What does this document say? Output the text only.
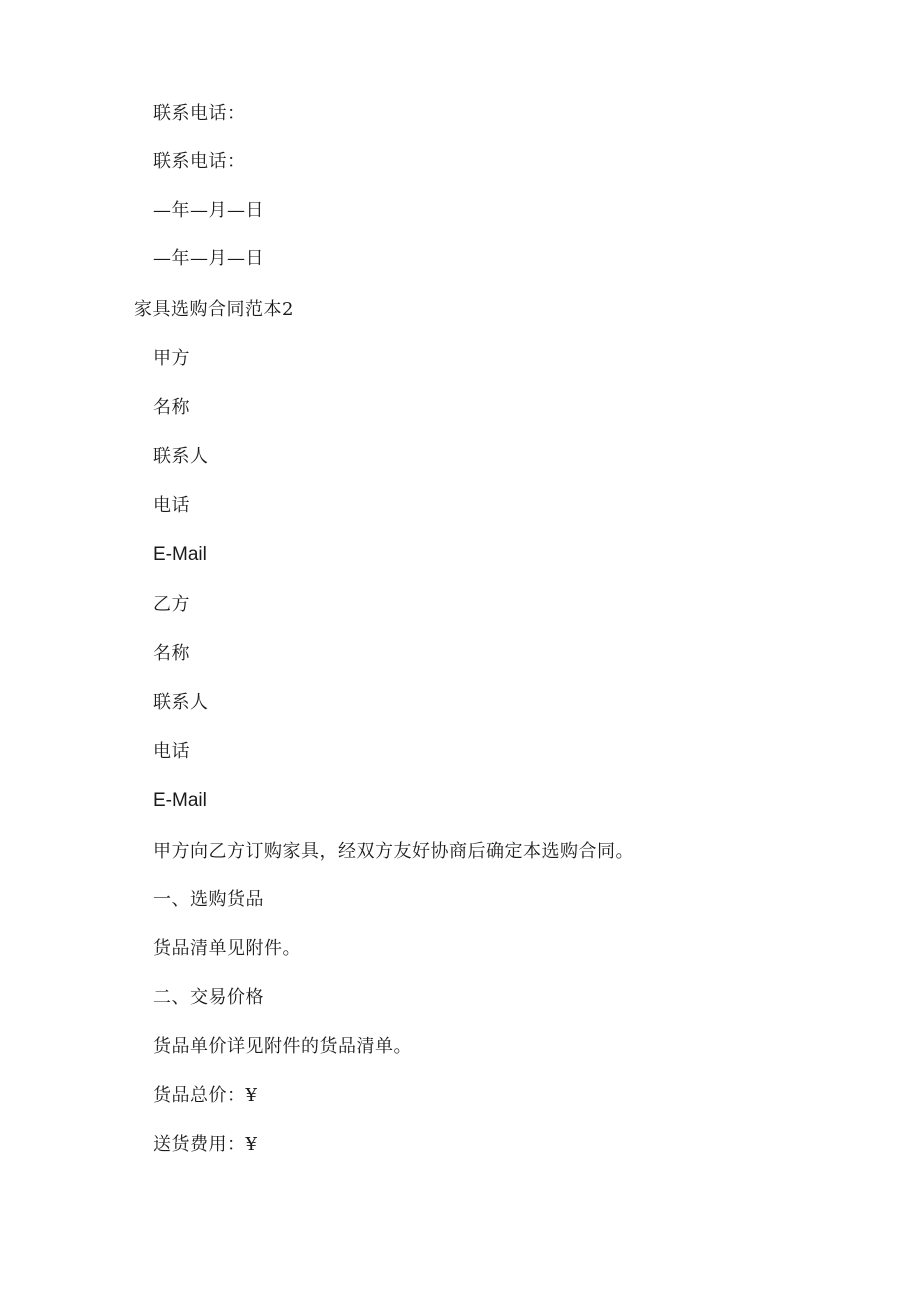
联系电话：
联系电话：
—年—月—日
—年—月—日
家具选购合同范本2
甲方
名称
联系人
电话
E-Mail
乙方
名称
联系人
电话
E-Mail
甲方向乙方订购家具，经双方友好协商后确定本选购合同。
一、选购货品
货品清单见附件。
二、交易价格
货品单价详见附件的货品清单。
货品总价：¥
送货费用：¥
